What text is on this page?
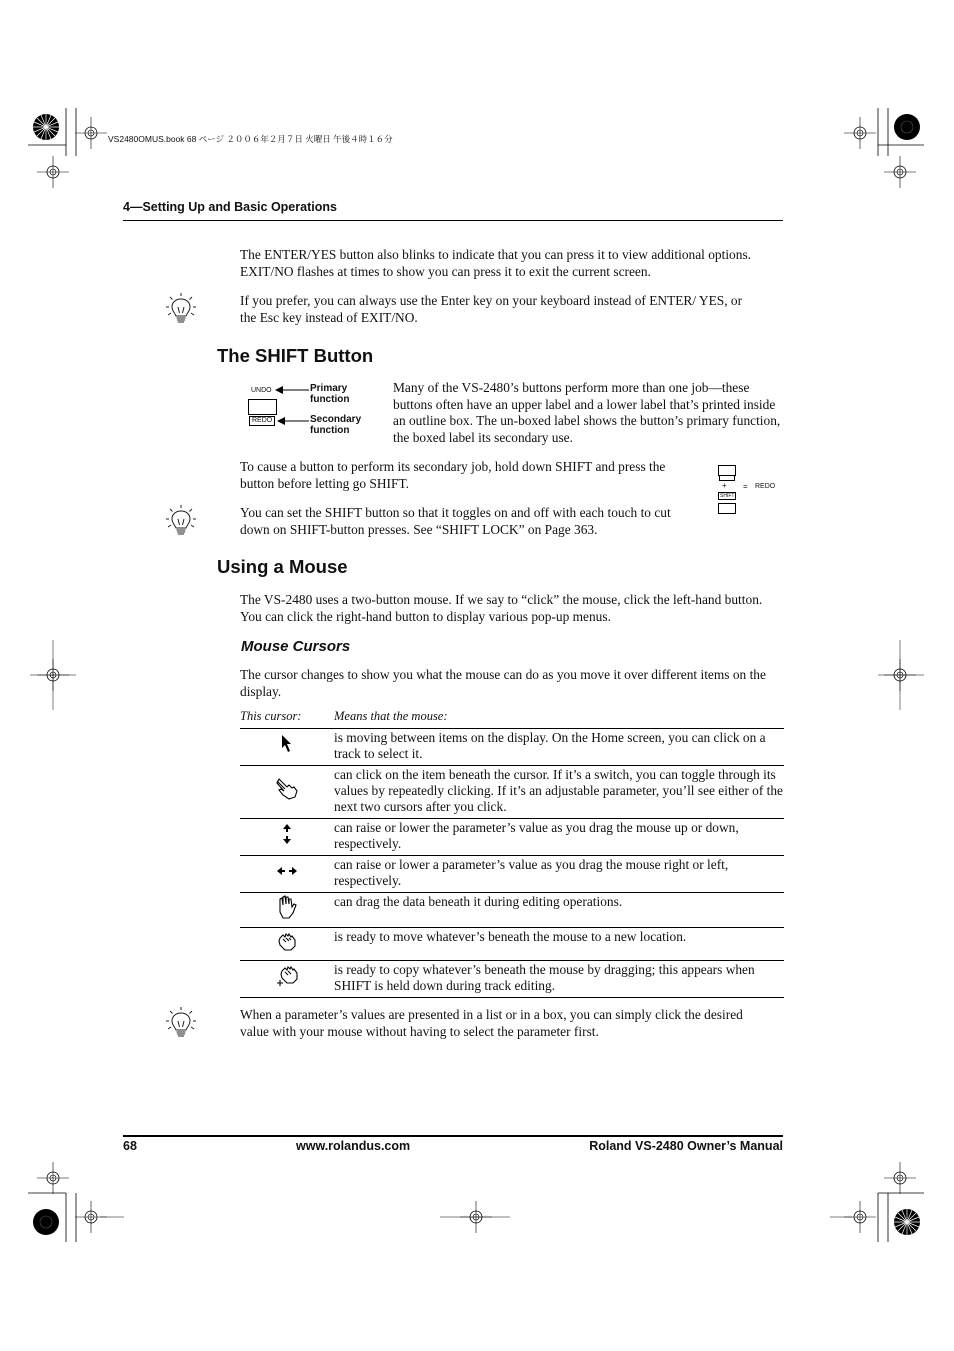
VS2480OMUS.book 68 ページ ２００６年２月７日 火曜日 午後４時１６分
4—Setting Up and Basic Operations
The ENTER/YES button also blinks to indicate that you can press it to view additional options. EXIT/NO flashes at times to show you can press it to exit the current screen.
If you prefer, you can always use the Enter key on your keyboard instead of ENTER/ YES, or the Esc key instead of EXIT/NO.
The SHIFT Button
UNDO
REDO
Primary function
Secondary function
Many of the VS-2480’s buttons perform more than one job—these buttons often have an upper label and a lower label that’s printed inside an outline box. The un-boxed label shows the button’s primary function, the boxed label its secondary use.
To cause a button to perform its secondary job, hold down SHIFT and press the button before letting go SHIFT.	+
SHIFT
= REDO
You can set the SHIFT button so that it toggles on and off with each touch to cut down on SHIFT-button presses. See “SHIFT LOCK” on Page 363.
Using a Mouse
The VS-2480 uses a two-button mouse. If we say to “click” the mouse, click the left-hand button. You can click the right-hand button to display various pop-up menus.
Mouse Cursors
The cursor changes to show you what the mouse can do as you move it over different items on the display.
This cursor:	Means that the mouse:
	is moving between items on the display. On the Home screen, you can click on a track to select it.
	can click on the item beneath the cursor. If it’s a switch, you can toggle through its values by repeatedly clicking. If it’s an adjustable parameter, you’ll see either of the next two cursors after you click.
	can raise or lower the parameter’s value as you drag the mouse up or down, respectively.
	can raise or lower a parameter’s value as you drag the mouse right or left, respectively.
	can drag the data beneath it during editing operations.
	is ready to move whatever’s beneath the mouse to a new location.
	is ready to copy whatever’s beneath the mouse by dragging; this appears when SHIFT is held down during track editing.
When a parameter’s values are presented in a list or in a box, you can simply click the desired value with your mouse without having to select the parameter first.
68	www.rolandus.com	Roland VS-2480 Owner’s Manual
